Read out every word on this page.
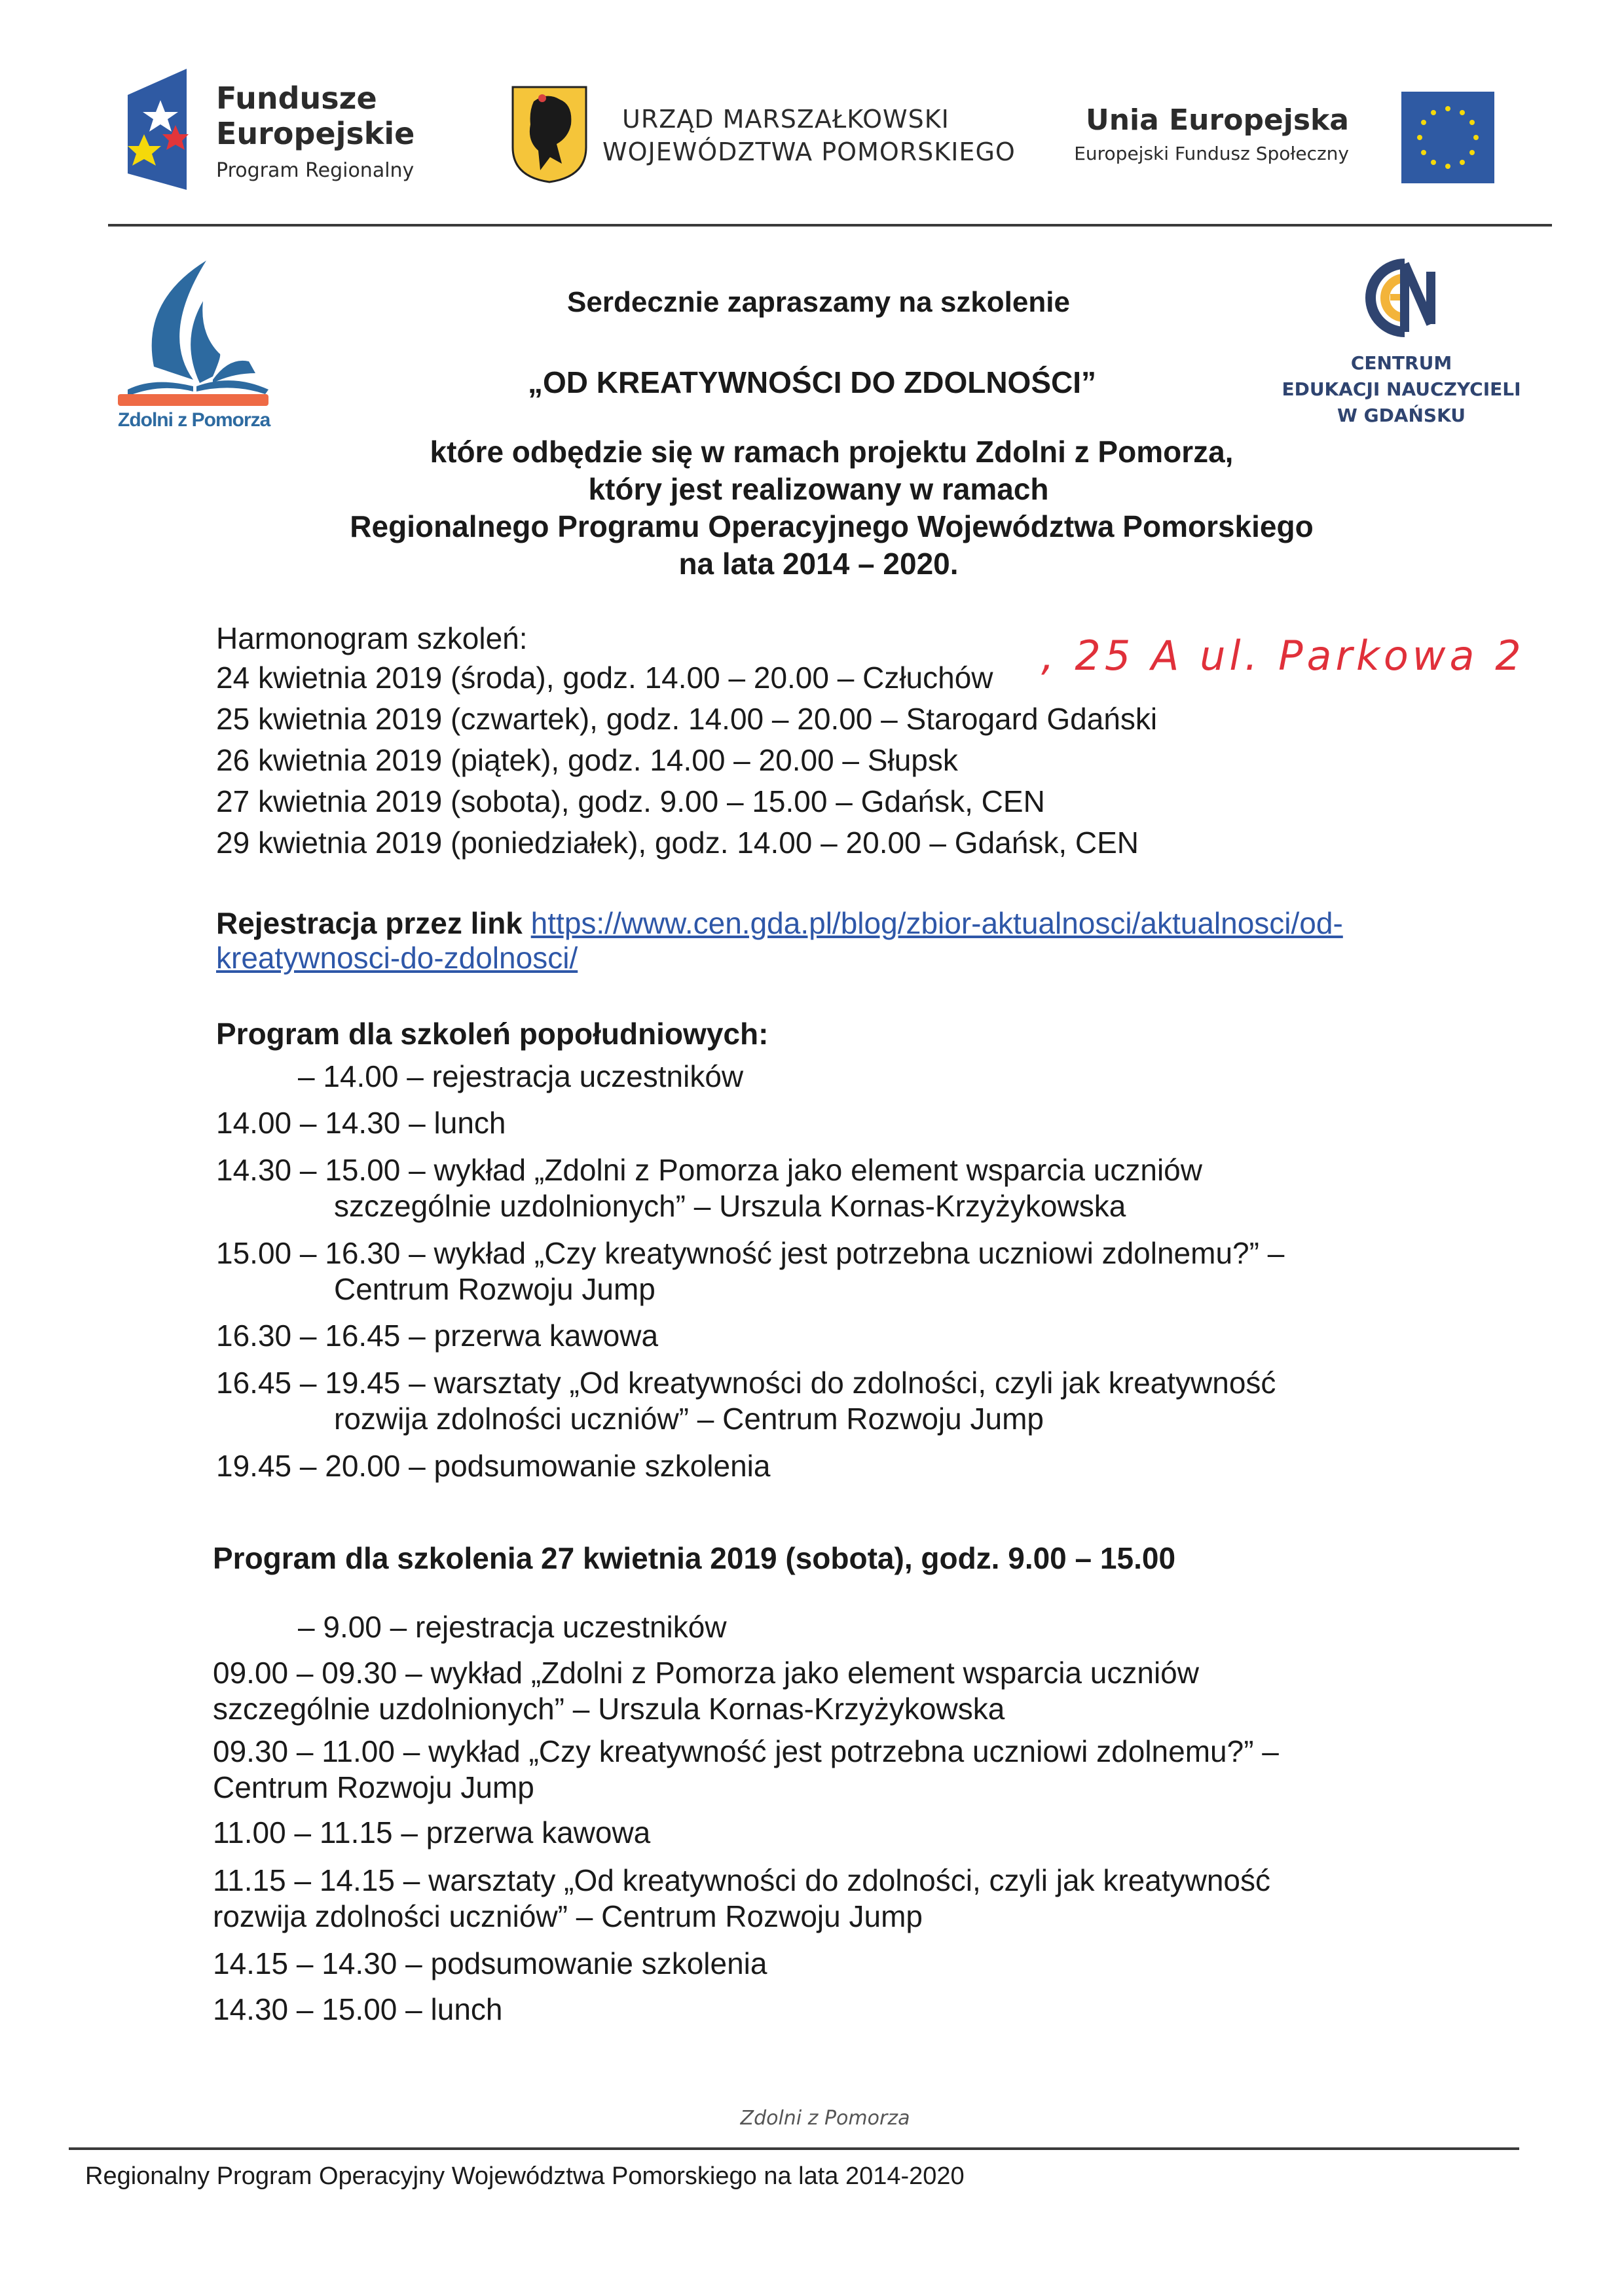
Fundusze
Europejskie
Program Regionalny
URZĄD MARSZAŁKOWSKI
WOJEWÓDZTWA POMORSKIEGO
Unia Europejska
Europejski Fundusz Społeczny
Zdolni z Pomorza
CENTRUM
EDUKACJI NAUCZYCIELI
W GDAŃSKU
Serdecznie zapraszamy na szkolenie
„OD KREATYWNOŚCI DO ZDOLNOŚCI”
które odbędzie się w ramach projektu Zdolni z Pomorza,
który jest realizowany w ramach
Regionalnego Programu Operacyjnego Województwa Pomorskiego
na lata 2014 – 2020.
Harmonogram szkoleń:
24 kwietnia 2019 (środa), godz. 14.00 – 20.00 – Człuchów , 25 A ul. Parkowa 2
25 kwietnia 2019 (czwartek), godz. 14.00 – 20.00 – Starogard Gdański
26 kwietnia 2019 (piątek), godz. 14.00 – 20.00 – Słupsk
27 kwietnia 2019 (sobota), godz. 9.00 – 15.00 – Gdańsk, CEN
29 kwietnia 2019 (poniedziałek), godz. 14.00 – 20.00 – Gdańsk, CEN
Rejestracja przez link https://www.cen.gda.pl/blog/zbior-aktualnosci/aktualnosci/od-
kreatywnosci-do-zdolnosci/
Program dla szkoleń popołudniowych:
– 14.00 – rejestracja uczestników
14.00 – 14.30 – lunch
14.30 – 15.00 – wykład „Zdolni z Pomorza jako element wsparcia uczniów
szczególnie uzdolnionych” – Urszula Kornas-Krzyżykowska
15.00 – 16.30 – wykład „Czy kreatywność jest potrzebna uczniowi zdolnemu?” –
Centrum Rozwoju Jump
16.30 – 16.45 – przerwa kawowa
16.45 – 19.45 – warsztaty „Od kreatywności do zdolności, czyli jak kreatywność
rozwija zdolności uczniów” – Centrum Rozwoju Jump
19.45 – 20.00 – podsumowanie szkolenia
Program dla szkolenia 27 kwietnia 2019 (sobota), godz. 9.00 – 15.00
– 9.00 – rejestracja uczestników
09.00 – 09.30 – wykład „Zdolni z Pomorza jako element wsparcia uczniów
szczególnie uzdolnionych” – Urszula Kornas-Krzyżykowska
09.30 – 11.00 – wykład „Czy kreatywność jest potrzebna uczniowi zdolnemu?” –
Centrum Rozwoju Jump
11.00 – 11.15 – przerwa kawowa
11.15 – 14.15 – warsztaty „Od kreatywności do zdolności, czyli jak kreatywność
rozwija zdolności uczniów” – Centrum Rozwoju Jump
14.15 – 14.30 – podsumowanie szkolenia
14.30 – 15.00 – lunch
Zdolni z Pomorza
Regionalny Program Operacyjny Województwa Pomorskiego na lata 2014-2020
